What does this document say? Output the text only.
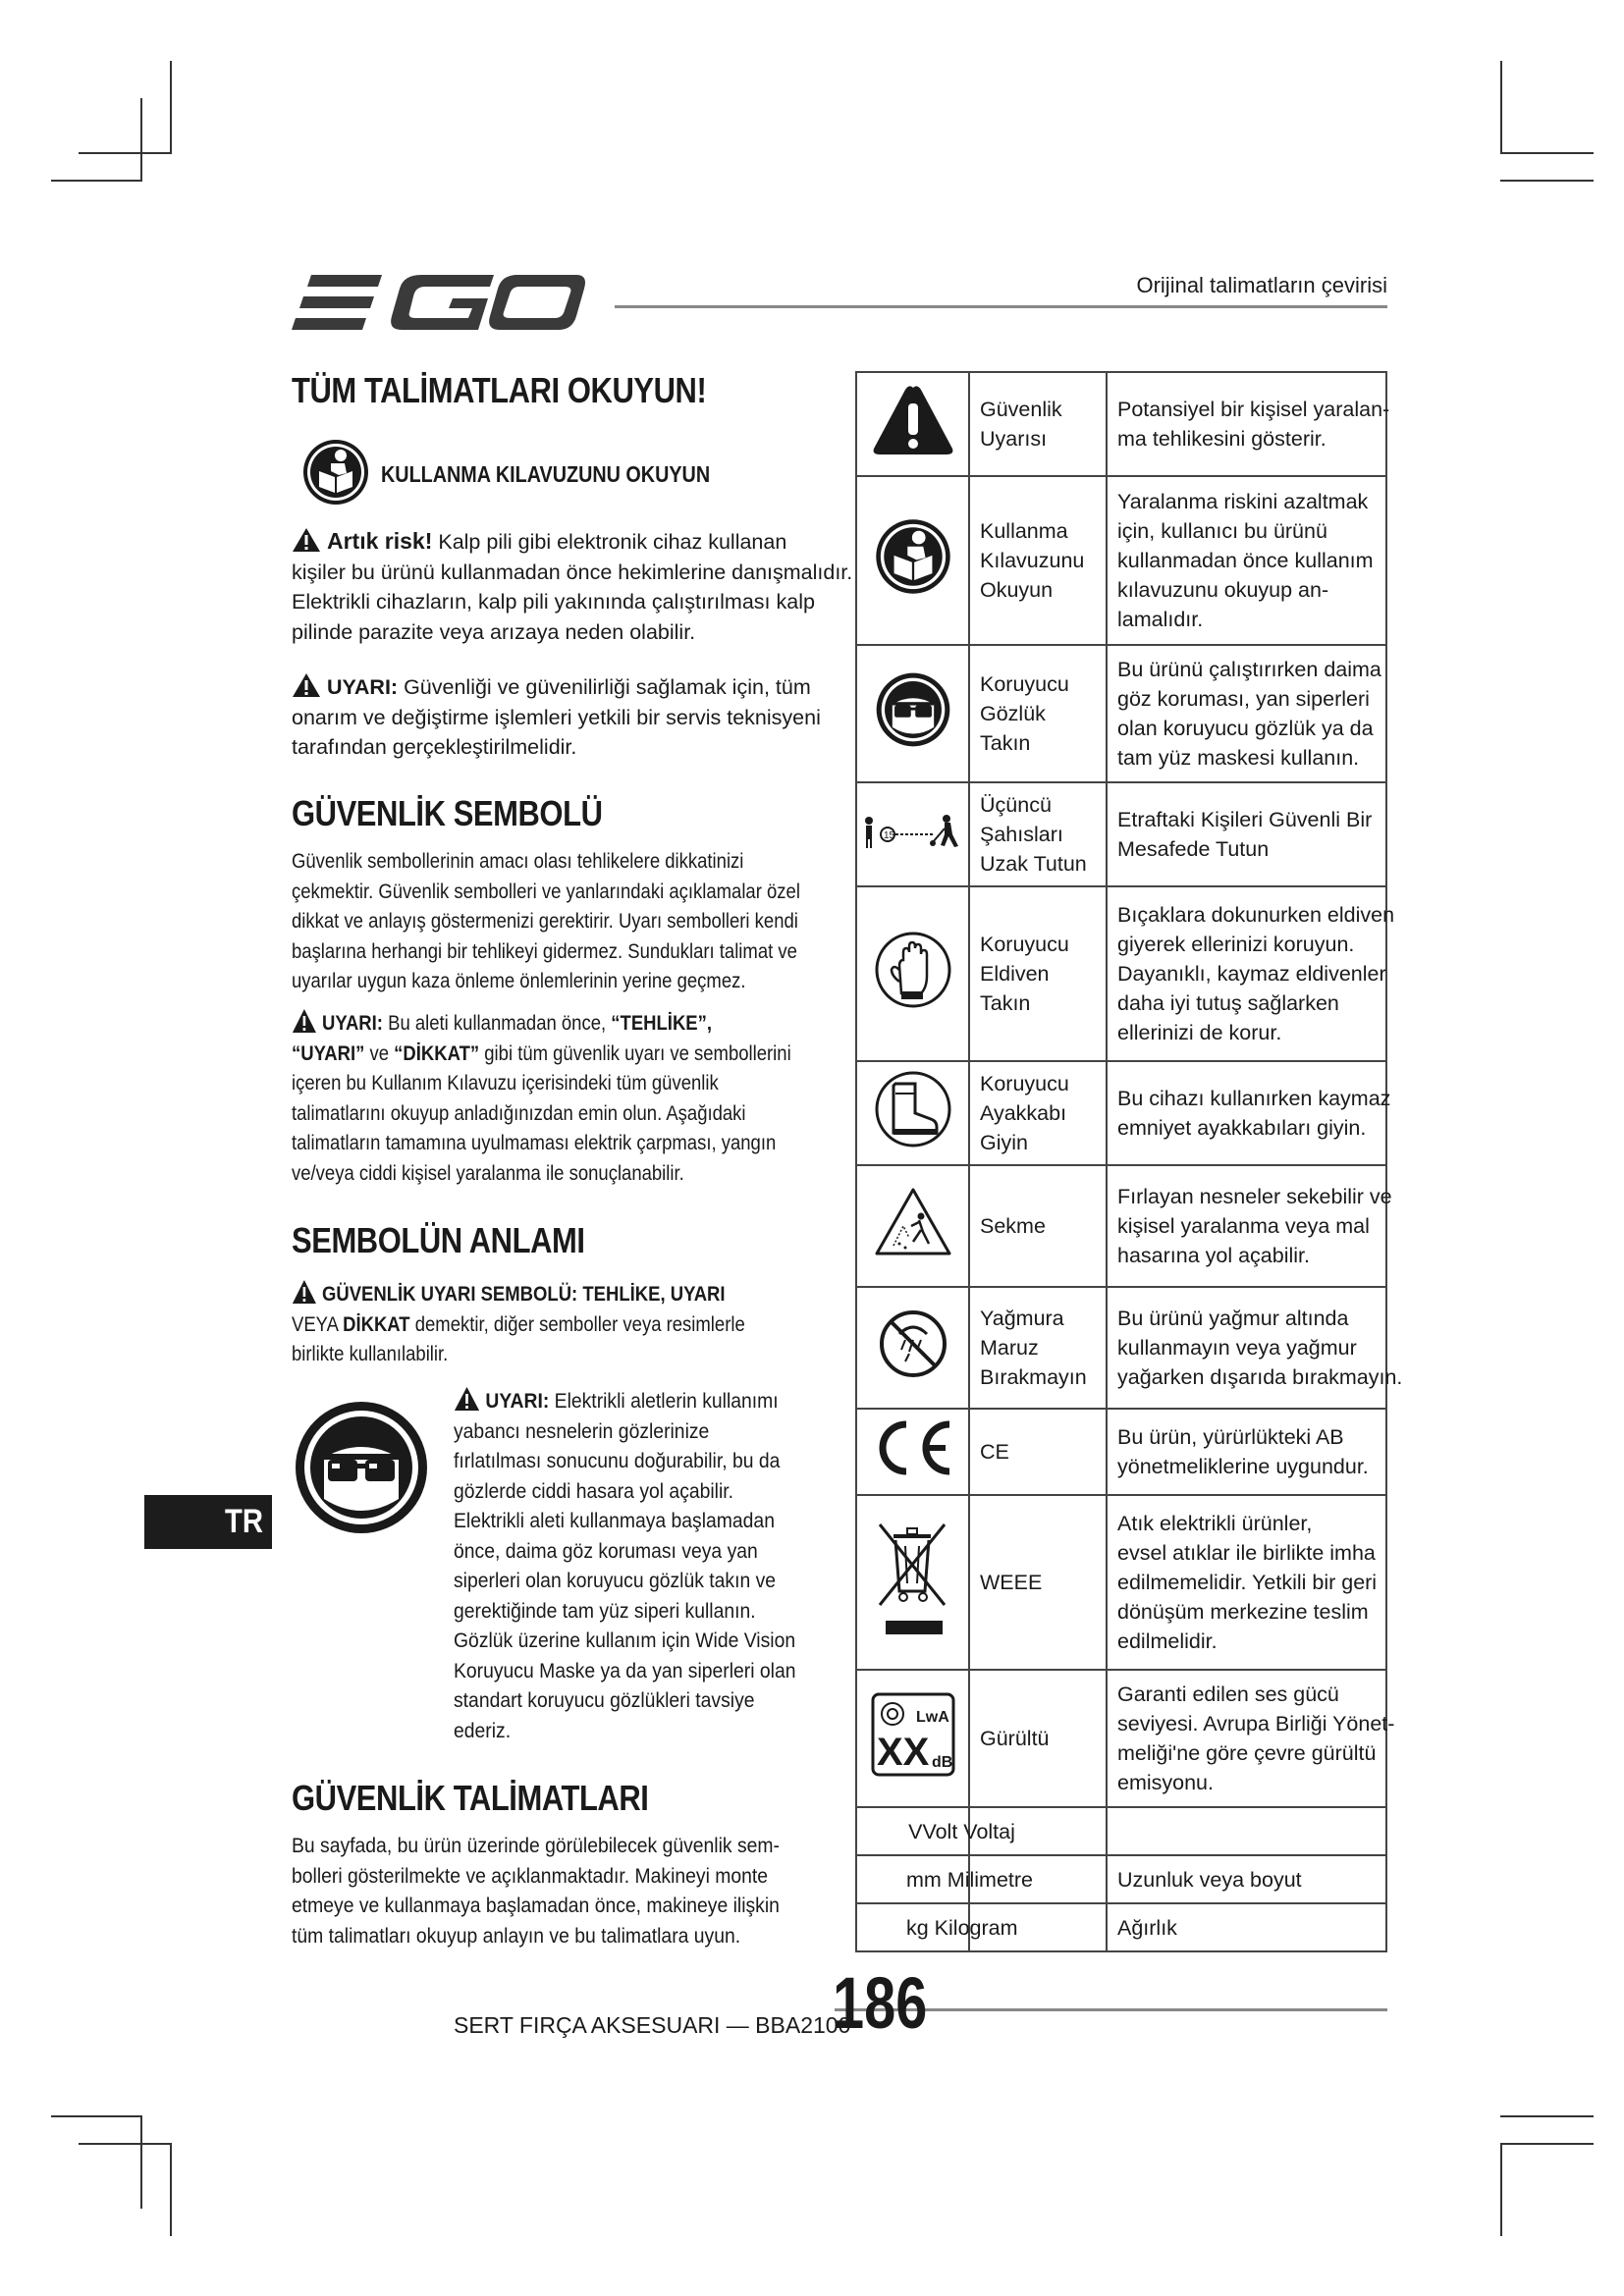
Orijinal talimatların çevirisi
TÜM TALİMATLARI OKUYUN!
KULLANMA KILAVUZUNU OKUYUN
Artık risk! Kalp pili gibi elektronik cihaz kullanan
kişiler bu ürünü kullanmadan önce hekimlerine danışmalıdır.
Elektrikli cihazların, kalp pili yakınında çalıştırılması kalp
pilinde parazite veya arızaya neden olabilir.
UYARI: Güvenliği ve güvenilirliği sağlamak için, tüm
onarım ve değiştirme işlemleri yetkili bir servis teknisyeni
tarafından gerçekleştirilmelidir.
GÜVENLİK SEMBOLÜ
Güvenlik sembollerinin amacı olası tehlikelere dikkatinizi
çekmektir. Güvenlik sembolleri ve yanlarındaki açıklamalar özel
dikkat ve anlayış göstermenizi gerektirir. Uyarı sembolleri kendi
başlarına herhangi bir tehlikeyi gidermez. Sundukları talimat ve
uyarılar uygun kaza önleme önlemlerinin yerine geçmez.
UYARI: Bu aleti kullanmadan önce, “TEHLİKE”,
“UYARI” ve “DİKKAT” gibi tüm güvenlik uyarı ve sembollerini
içeren bu Kullanım Kılavuzu içerisindeki tüm güvenlik
talimatlarını okuyup anladığınızdan emin olun. Aşağıdaki
talimatların tamamına uyulmaması elektrik çarpması, yangın
ve/veya ciddi kişisel yaralanma ile sonuçlanabilir.
SEMBOLÜN ANLAMI
GÜVENLİK UYARI SEMBOLÜ: TEHLİKE, UYARI
VEYA DİKKAT demektir, diğer semboller veya resimlerle
birlikte kullanılabilir.
UYARI: Elektrikli aletlerin kullanımı
yabancı nesnelerin gözlerinize
fırlatılması sonucunu doğurabilir, bu da
gözlerde ciddi hasara yol açabilir.
Elektrikli aleti kullanmaya başlamadan
önce, daima göz koruması veya yan
siperleri olan koruyucu gözlük takın ve
gerektiğinde tam yüz siperi kullanın.
Gözlük üzerine kullanım için Wide Vision
Koruyucu Maske ya da yan siperleri olan
standart koruyucu gözlükleri tavsiye
ederiz.
GÜVENLİK TALİMATLARI
Bu sayfada, bu ürün üzerinde görülebilecek güvenlik sem-
bolleri gösterilmekte ve açıklanmaktadır. Makineyi monte
etmeye ve kullanmaya başlamadan önce, makineye ilişkin
tüm talimatları okuyup anlayın ve bu talimatlara uyun.
TR

Güvenlik
Uyarısı	Potansiyel bir kişisel yaralan-
ma tehlikesini gösterir.

Kullanma
Kılavuzunu
Okuyun	Yaralanma riskini azaltmak
için, kullanıcı bu ürünü
kullanmadan önce kullanım
kılavuzunu okuyup an-
lamalıdır.

Koruyucu
Gözlük
Takın	Bu ürünü çalıştırırken daima
göz koruması, yan siperleri
olan koruyucu gözlük ya da
tam yüz maskesi kullanın.

15	Üçüncü
Şahısları
Uzak Tutun	Etraftaki Kişileri Güvenli Bir
Mesafede Tutun

Koruyucu
Eldiven
Takın	Bıçaklara dokunurken eldiven
giyerek ellerinizi koruyun.
Dayanıklı, kaymaz eldivenler
daha iyi tutuş sağlarken
ellerinizi de korur.

Koruyucu
Ayakkabı
Giyin	Bu cihazı kullanırken kaymaz
emniyet ayakkabıları giyin.

Sekme	Fırlayan nesneler sekebilir ve
kişisel yaralanma veya mal
hasarına yol açabilir.

Yağmura
Maruz
Bırakmayın	Bu ürünü yağmur altında
kullanmayın veya yağmur
yağarken dışarıda bırakmayın.

CE	Bu ürün, yürürlükteki AB
yönetmeliklerine uygundur.

WEEE	Atık elektrikli ürünler,
evsel atıklar ile birlikte imha
edilmemelidir. Yetkili bir geri
dönüşüm merkezine teslim
edilmelidir.

LwA
XX dB	Gürültü	Garanti edilen ses gücü
seviyesi. Avrupa Birliği Yönet-
meliği'ne göre çevre gürültü
emisyonu.

VVolt Voltaj		
mm Milimetre		Uzunluk veya boyut
kg Kilogram		Ağırlık
SERT FIRÇA AKSESUARI — BBA2100
186
